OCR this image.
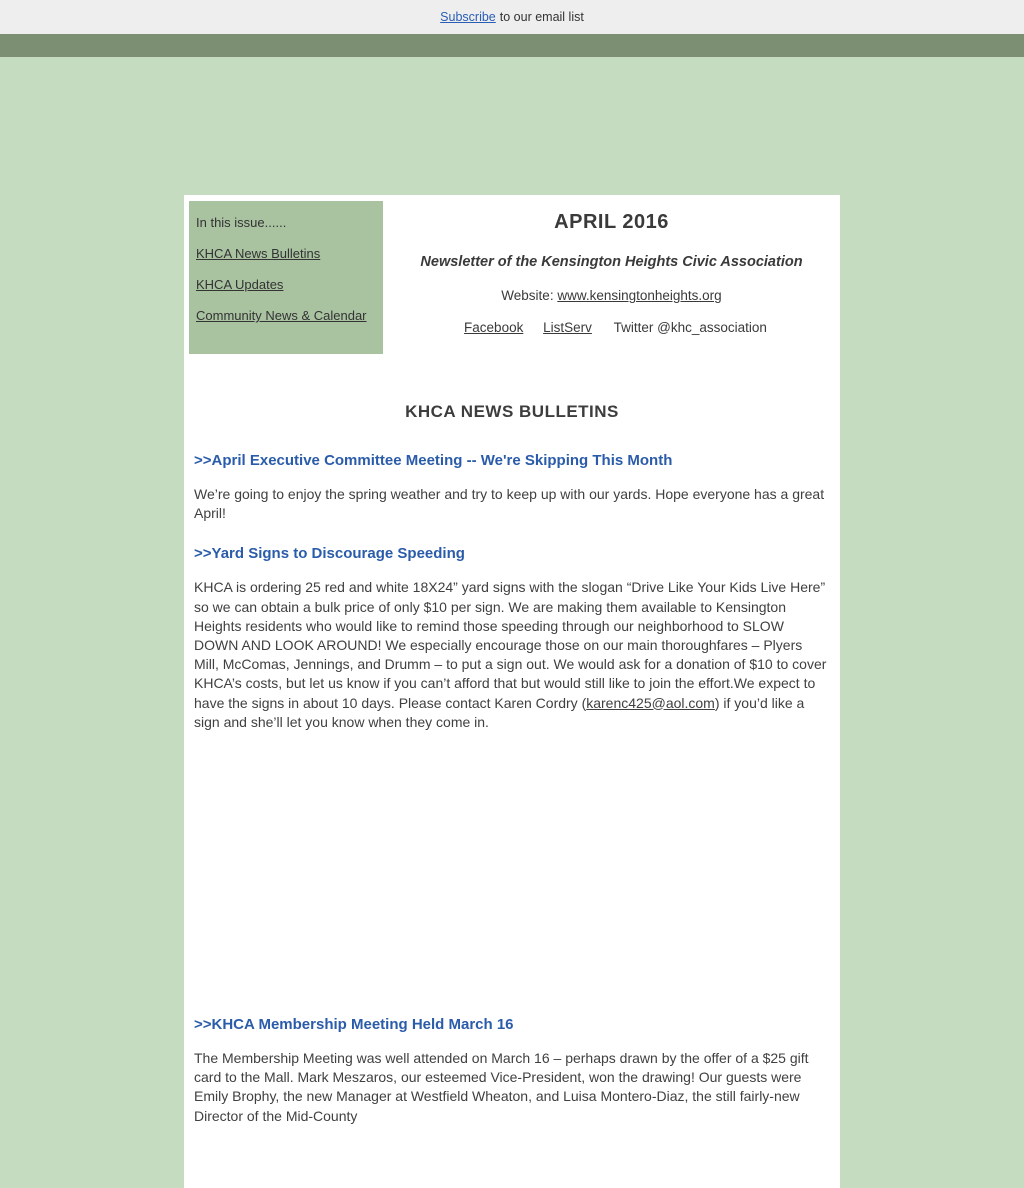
Subscribe to our email list
In this issue......
KHCA News Bulletins
KHCA Updates
Community News & Calendar
APRIL 2016
Newsletter of the Kensington Heights Civic Association
Website: www.kensingtonheights.org
Facebook ListServ Twitter @khc_association
KHCA NEWS BULLETINS
>>April Executive Committee Meeting -- We're Skipping This Month

We’re going to enjoy the spring weather and try to keep up with our yards. Hope everyone has a great April!

>>Yard Signs to Discourage Speeding

KHCA is ordering 25 red and white 18X24” yard signs with the slogan “Drive Like Your Kids Live Here” so we can obtain a bulk price of only $10 per sign. We are making them available to Kensington Heights residents who would like to remind those speeding through our neighborhood to SLOW DOWN AND LOOK AROUND! We especially encourage those on our main thoroughfares – Plyers Mill, McComas, Jennings, and Drumm – to put a sign out. We would ask for a donation of $10 to cover KHCA’s costs, but let us know if you can’t afford that but would still like to join the effort.We expect to have the signs in about 10 days. Please contact Karen Cordry (karenc425@aol.com) if you’d like a sign and she’ll let you know when they come in.

>>KHCA Membership Meeting Held March 16

The Membership Meeting was well attended on March 16 – perhaps drawn by the offer of a $25 gift card to the Mall. Mark Meszaros, our esteemed Vice-President, won the drawing! Our guests were Emily Brophy, the new Manager at Westfield Wheaton, and Luisa Montero-Diaz, the still fairly-new Director of the Mid-County
